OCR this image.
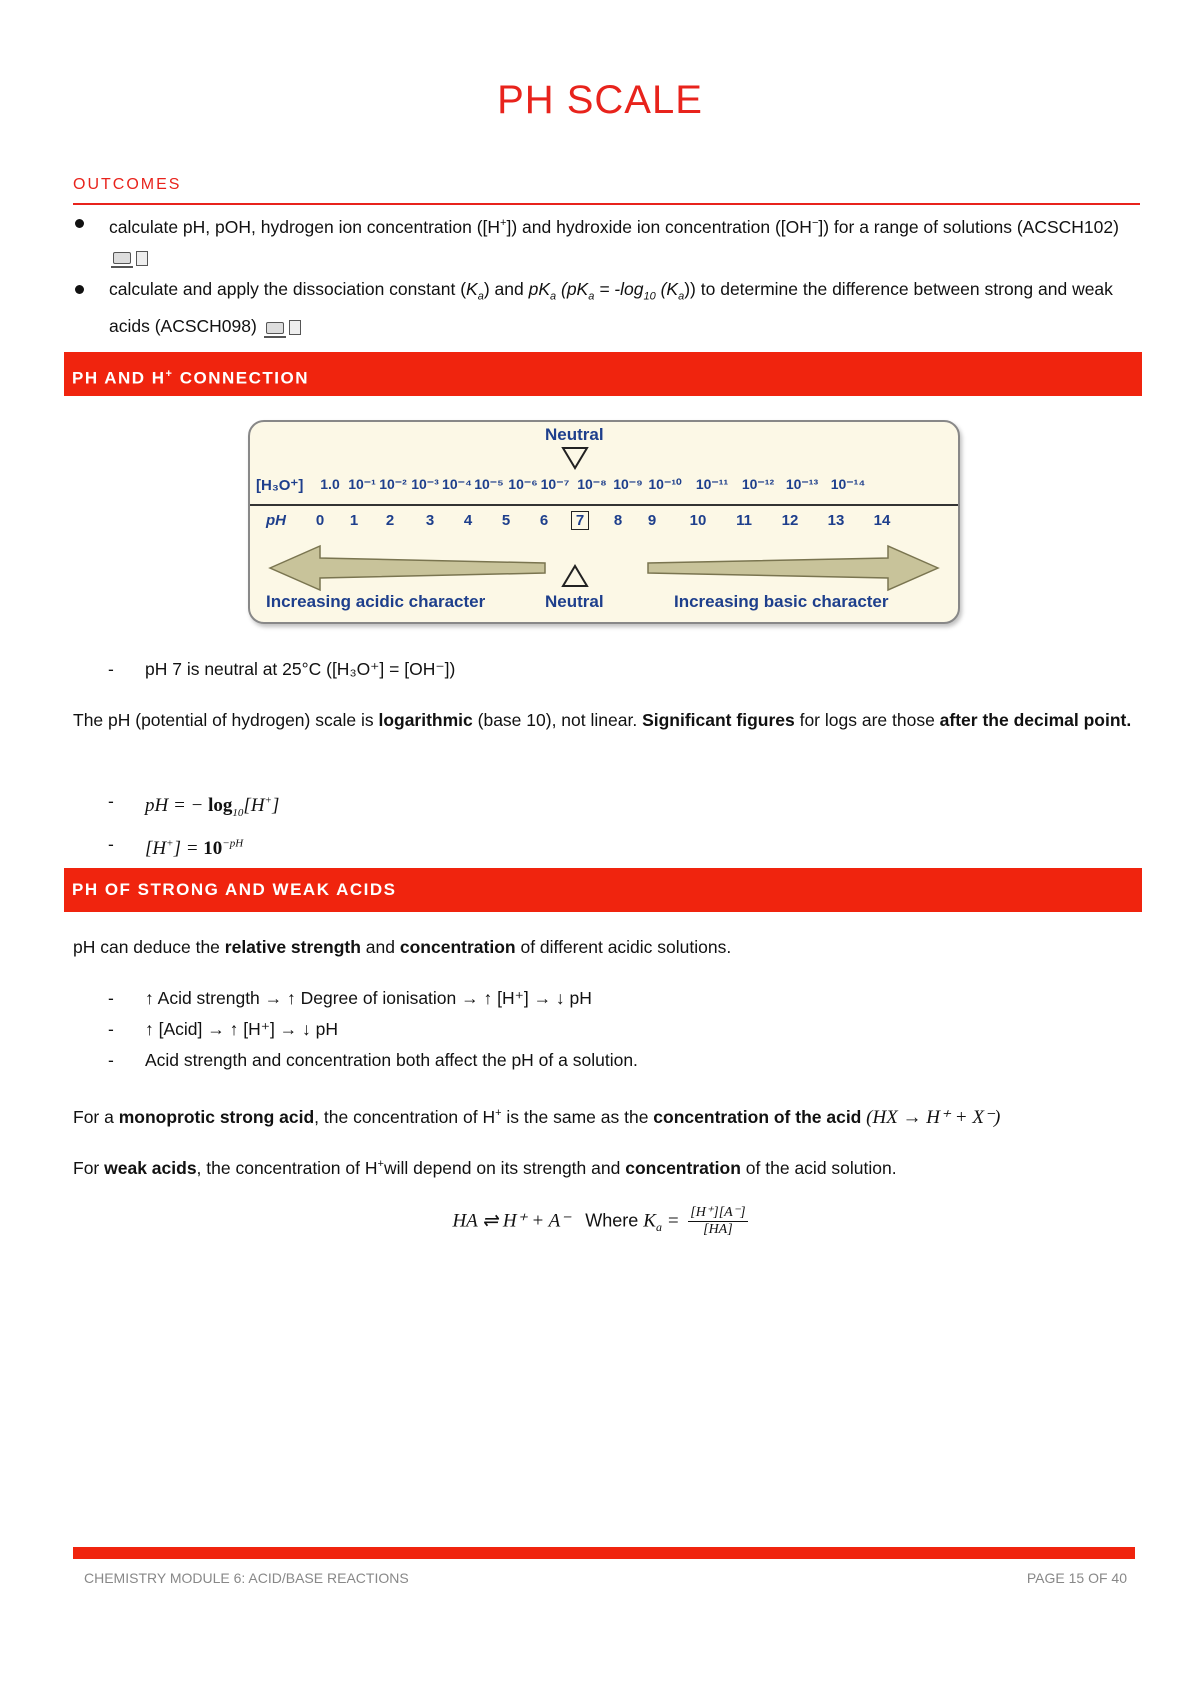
PH SCALE
OUTCOMES
calculate pH, pOH, hydrogen ion concentration ([H+]) and hydroxide ion concentration ([OH−]) for a range of solutions (ACSCH102)
calculate and apply the dissociation constant $(K_a)$ and $pK_a$ ($pK_a = -\log_{10}$ $(K_a)$) to determine the difference between strong and weak acids (ACSCH098)
PH AND H+ CONNECTION
Neutral
[H₃O⁺]	1.0 10⁻¹ 10⁻² 10⁻³ 10⁻⁴ 10⁻⁵ 10⁻⁶ 10⁻⁷ 10⁻⁸ 10⁻⁹ 10⁻¹⁰ 10⁻¹¹ 10⁻¹² 10⁻¹³ 10⁻¹⁴
pH	0	1	2	3	4	5	6	7	8	9	10	11	12	13	14
Increasing acidic character	Neutral	Increasing basic character
- pH 7 is neutral at 25°C ([H₃O⁺] = [OH⁻])

The pH (potential of hydrogen) scale is logarithmic (base 10), not linear. Significant figures for logs are those after the decimal point.

- pH = − $\log_{10}[H^+]$
- $[H^+] = 10^{-pH}$
PH OF STRONG AND WEAK ACIDS

pH can deduce the relative strength and concentration of different acidic solutions.

- ↑ Acid strength → ↑ Degree of ionisation → ↑ [H⁺] → ↓ pH
- ↑ [Acid] → ↑ [H⁺] → ↓ pH
- Acid strength and concentration both affect the pH of a solution.

For a monoprotic strong acid, the concentration of H+ is the same as the concentration of the acid (HX → H⁺ + X⁻)

For weak acids, the concentration of H+will depend on its strength and concentration of the acid solution.

HA ⇌ H⁺ + A⁻ Where $K_a = \frac{[H^+][A^-]}{[HA]}$
CHEMISTRY MODULE 6: ACID/BASE REACTIONS	PAGE 15 OF 40
